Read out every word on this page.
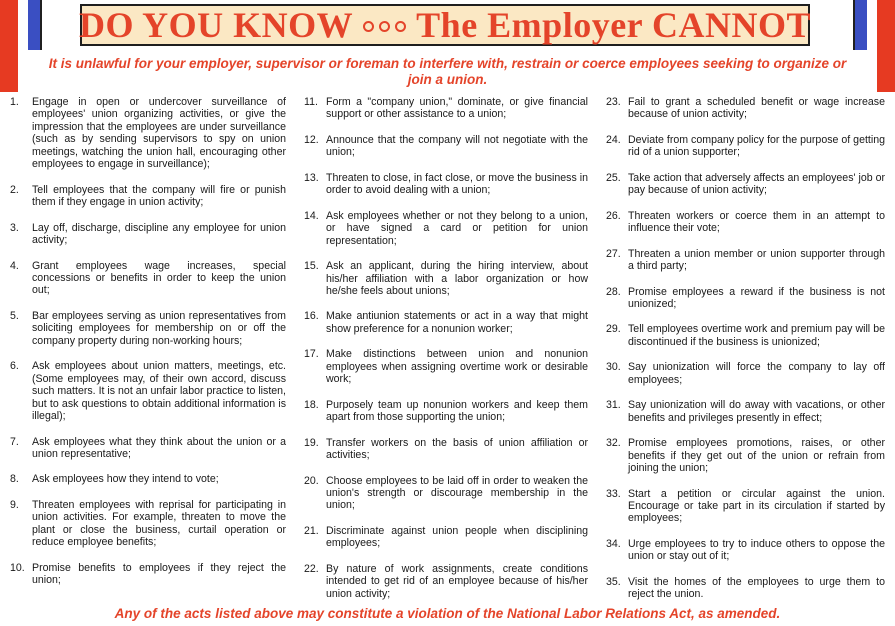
DO YOU KNOW The Employer CANNOT
It is unlawful for your employer, supervisor or foreman to interfere with, restrain or coerce employees seeking to organize or join a union.
1.	Engage in open or undercover surveillance of employees' union organizing activities, or give the impression that the employees are under surveillance (such as by sending supervisors to spy on union meetings, watching the union hall, encouraging other employees to engage in surveillance);
2.	Tell employees that the company will fire or punish them if they engage in union activity;
3.	Lay off, discharge, discipline any employee for union activity;
4.	Grant employees wage increases, special concessions or benefits in order to keep the union out;
5.	Bar employees serving as union representatives from soliciting employees for membership on or off the company property during non-working hours;
6.	Ask employees about union matters, meetings, etc. (Some employees may, of their own accord, discuss such matters. It is not an unfair labor practice to listen, but to ask questions to obtain additional information is illegal);
7.	Ask employees what they think about the union or a union representative;
8.	Ask employees how they intend to vote;
9.	Threaten employees with reprisal for participating in union activities. For example, threaten to move the plant or close the business, curtail operation or reduce employee benefits;
10. Promise benefits to employees if they reject the union;
11. Form a "company union," dominate, or give financial support or other assistance to a union;
12. Announce that the company will not negotiate with the union;
13. Threaten to close, in fact close, or move the business in order to avoid dealing with a union;
14. Ask employees whether or not they belong to a union, or have signed a card or petition for union representation;
15. Ask an applicant, during the hiring interview, about his/her affiliation with a labor organization or how he/she feels about unions;
16. Make antiunion statements or act in a way that might show preference for a nonunion worker;
17. Make distinctions between union and nonunion employees when assigning overtime work or desirable work;
18. Purposely team up nonunion workers and keep them apart from those supporting the union;
19. Transfer workers on the basis of union affiliation or activities;
20. Choose employees to be laid off in order to weaken the union's strength or discourage membership in the union;
21. Discriminate against union people when disciplining employees;
22. By nature of work assignments, create conditions intended to get rid of an employee because of his/her union activity;
23. Fail to grant a scheduled benefit or wage increase because of union activity;
24. Deviate from company policy for the purpose of getting rid of a union supporter;
25. Take action that adversely affects an employees' job or pay because of union activity;
26. Threaten workers or coerce them in an attempt to influence their vote;
27. Threaten a union member or union supporter through a third party;
28. Promise employees a reward if the business is not unionized;
29. Tell employees overtime work and premium pay will be discontinued if the business is unionized;
30. Say unionization will force the company to lay off employees;
31. Say unionization will do away with vacations, or other benefits and privileges presently in effect;
32. Promise employees promotions, raises, or other benefits if they get out of the union or refrain from joining the union;
33. Start a petition or circular against the union. Encourage or take part in its circulation if started by employees;
34. Urge employees to try to induce others to oppose the union or stay out of it;
35. Visit the homes of the employees to urge them to reject the union.
Any of the acts listed above may constitute a violation of the National Labor Relations Act, as amended.
